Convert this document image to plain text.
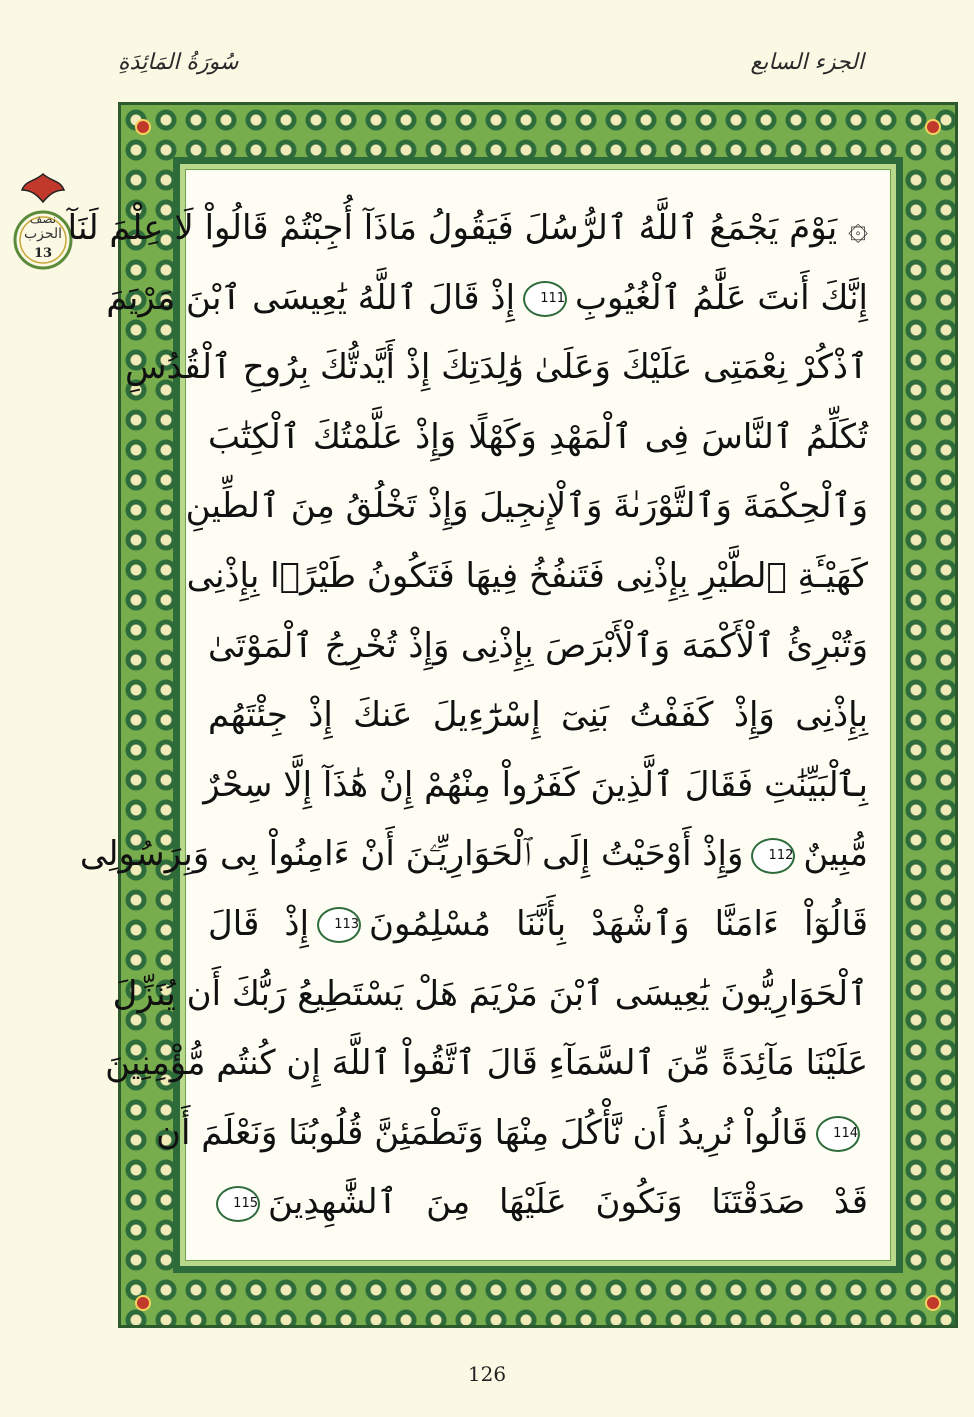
سُورَةُ المَائِدَةِ	الجزء السابع
نصف
الحزب
13
۞ يَوْمَ يَجْمَعُ ٱللَّهُ ٱلرُّسُلَ فَيَقُولُ مَاذَآ أُجِبْتُمْ قَالُواْ لَا عِلْمَ لَنَآ
إِنَّكَ أَنتَ عَلَّٰمُ ٱلْغُيُوبِ111إِذْ قَالَ ٱللَّهُ يَٰعِيسَى ٱبْنَ مَرْيَمَ
ٱذْكُرْ نِعْمَتِى عَلَيْكَ وَعَلَىٰ وَٰلِدَتِكَ إِذْ أَيَّدتُّكَ بِرُوحِ ٱلْقُدُسِ
تُكَلِّمُ ٱلنَّاسَ فِى ٱلْمَهْدِ وَكَهْلًا وَإِذْ عَلَّمْتُكَ ٱلْكِتَٰبَ
وَٱلْحِكْمَةَ وَٱلتَّوْرَىٰةَ وَٱلْإِنجِيلَ وَإِذْ تَخْلُقُ مِنَ ٱلطِّينِ
كَهَيْـَٔةِ ٱلطَّيْرِ بِإِذْنِى فَتَنفُخُ فِيهَا فَتَكُونُ طَيْرًۢا بِإِذْنِى
وَتُبْرِئُ ٱلْأَكْمَهَ وَٱلْأَبْرَصَ بِإِذْنِى وَإِذْ تُخْرِجُ ٱلْمَوْتَىٰ
بِإِذْنِى وَإِذْ كَفَفْتُ بَنِىٓ إِسْرَٰٓءِيلَ عَنكَ إِذْ جِئْتَهُم
بِٱلْبَيِّنَٰتِ فَقَالَ ٱلَّذِينَ كَفَرُواْ مِنْهُمْ إِنْ هَٰذَآ إِلَّا سِحْرٌ
مُّبِينٌ112وَإِذْ أَوْحَيْتُ إِلَى ٱلْحَوَارِيِّـۧنَ أَنْ ءَامِنُواْ بِى وَبِرَسُولِى
قَالُوٓاْ ءَامَنَّا وَٱشْهَدْ بِأَنَّنَا مُسْلِمُونَ113إِذْ قَالَ
ٱلْحَوَارِيُّونَ يَٰعِيسَى ٱبْنَ مَرْيَمَ هَلْ يَسْتَطِيعُ رَبُّكَ أَن يُنَزِّلَ
عَلَيْنَا مَآئِدَةً مِّنَ ٱلسَّمَآءِ قَالَ ٱتَّقُواْ ٱللَّهَ إِن كُنتُم مُّؤْمِنِينَ
114قَالُواْ نُرِيدُ أَن نَّأْكُلَ مِنْهَا وَتَطْمَئِنَّ قُلُوبُنَا وَنَعْلَمَ أَن
قَدْ صَدَقْتَنَا وَنَكُونَ عَلَيْهَا مِنَ ٱلشَّٰهِدِينَ115
126
